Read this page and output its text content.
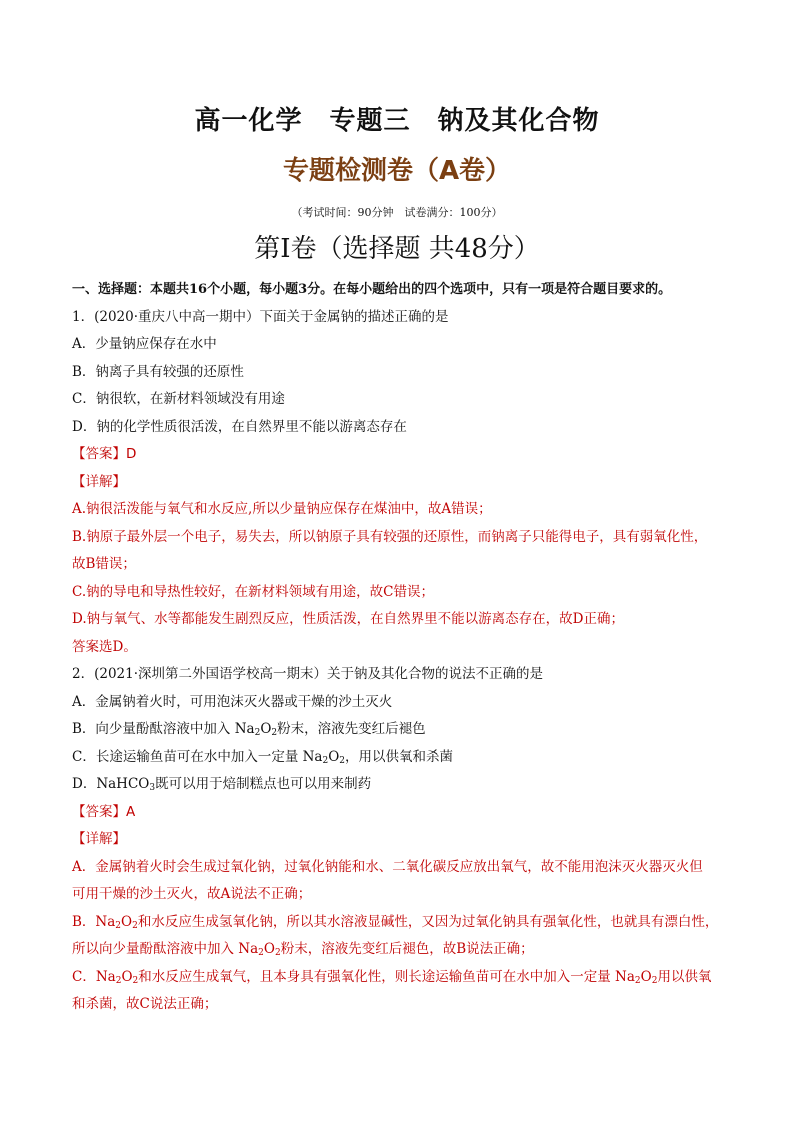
高一化学　专题三　钠及其化合物
专题检测卷（A卷）
（考试时间：90分钟　试卷满分：100分）
第Ⅰ卷（选择题 共48分）
一、选择题：本题共16个小题，每小题3分。在每小题给出的四个选项中，只有一项是符合题目要求的。
1．(2020·重庆八中高一期中）下面关于金属钠的描述正确的是
A．少量钠应保存在水中
B．钠离子具有较强的还原性
C．钠很软，在新材料领域没有用途
D．钠的化学性质很活泼，在自然界里不能以游离态存在
【答案】D
【详解】
A.钠很活泼能与氧气和水反应,所以少量钠应保存在煤油中，故A错误；
B.钠原子最外层一个电子，易失去，所以钠原子具有较强的还原性，而钠离子只能得电子，具有弱氧化性，
故B错误；
C.钠的导电和导热性较好，在新材料领域有用途，故C错误；
D.钠与氧气、水等都能发生剧烈反应，性质活泼，在自然界里不能以游离态存在，故D正确；
答案选D。
2．(2021·深圳第二外国语学校高一期末）关于钠及其化合物的说法不正确的是
A．金属钠着火时，可用泡沫灭火器或干燥的沙土灭火
B．向少量酚酞溶液中加入 $Na_2O_2$粉末，溶液先变红后褪色
C．长途运输鱼苗可在水中加入一定量 $Na_2O_2$，用以供氧和杀菌
D．NaHCO$_3$既可以用于焙制糕点也可以用来制药
【答案】A
【详解】
A．金属钠着火时会生成过氧化钠，过氧化钠能和水、二氧化碳反应放出氧气，故不能用泡沫灭火器灭火但
可用干燥的沙土灭火，故A说法不正确；
B．$Na_2O_2$和水反应生成氢氧化钠，所以其水溶液显碱性，又因为过氧化钠具有强氧化性，也就具有漂白性，
所以向少量酚酞溶液中加入 $Na_2O_2$粉末，溶液先变红后褪色，故B说法正确；
C．$Na_2O_2$和水反应生成氧气，且本身具有强氧化性，则长途运输鱼苗可在水中加入一定量 $Na_2O_2$用以供氧
和杀菌，故C说法正确；
